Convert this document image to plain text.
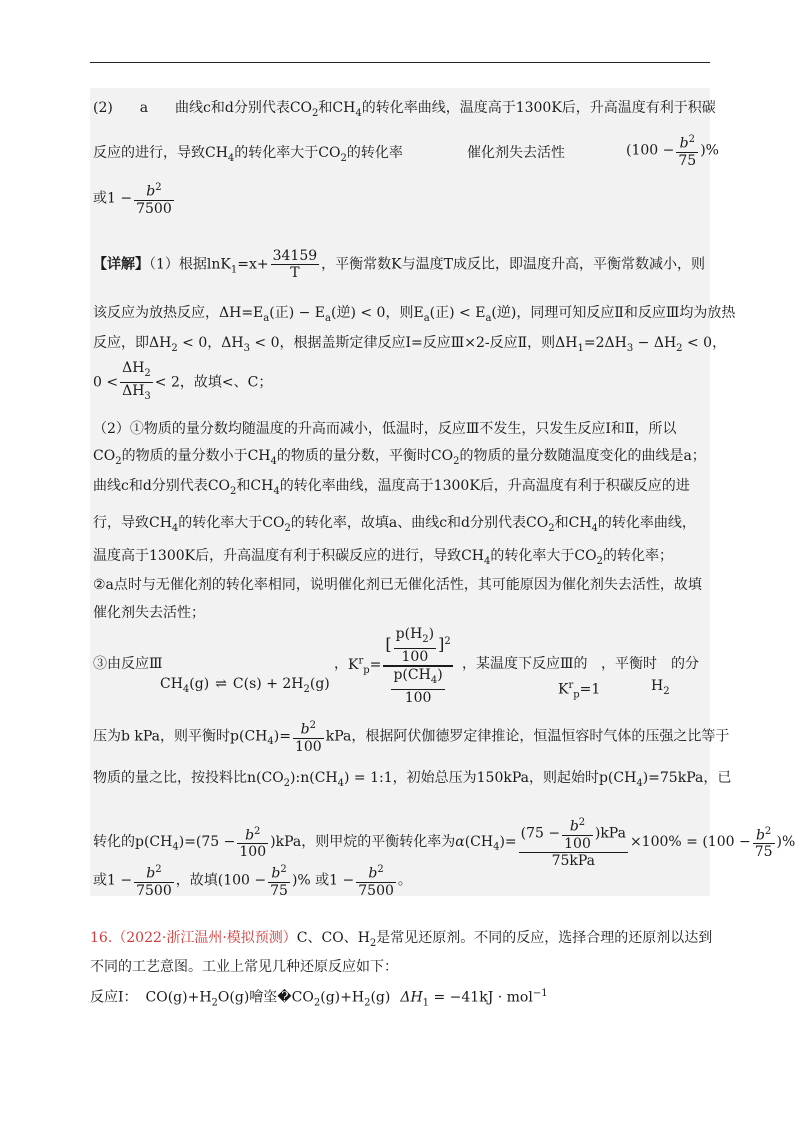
(2) a 曲线c和d分别代表$CO_2$和$CH_4$的转化率曲线，温度高于1300K后，升高温度有利于积碳
反应的进行，导致$CH_4$的转化率大于$CO_2$的转化率	催化剂失去活性	($100 - \frac{b^2}{75}$ )%
或$1 - \frac{b^2}{7500}$
【详解】（1）根据$\ln K_1=x+ \frac{34159}{T}$ ，平衡常数K与温度T成反比，即温度升高，平衡常数减小，则
该反应为放热反应，$\Delta H=E_a$(正) − $E_a$(逆) < 0，则$E_a$(正) < $E_a$(逆)，同理可知反应Ⅱ和反应Ⅲ均为放热
反应，即$\Delta H_2 < 0$，$\Delta H_3 < 0$，根据盖斯定律反应Ⅰ=反应Ⅲ×2-反应Ⅱ，则$\Delta H_1=2\Delta H_3 - \Delta H_2 < 0$，
$0 < \frac{\Delta H_2}{\Delta H_3} < 2$，故填<、C；
（2）①物质的量分数均随温度的升高而减小，低温时，反应Ⅲ不发生，只发生反应Ⅰ和Ⅱ，所以
$CO_2$的物质的量分数小于$CH_4$的物质的量分数，平衡时$CO_2$的物质的量分数随温度变化的曲线是a；
曲线c和d分别代表$CO_2$和$CH_4$的转化率曲线，温度高于1300K后，升高温度有利于积碳反应的进
行，导致$CH_4$的转化率大于$CO_2$的转化率，故填a、曲线c和d分别代表$CO_2$和$CH_4$的转化率曲线，
温度高于1300K后，升高温度有利于积碳反应的进行，导致$CH_4$的转化率大于$CO_2$的转化率；
②a点时与无催化剂的转化率相同，说明催化剂已无催化活性，其可能原因为催化剂失去活性，故填
催化剂失去活性；
③由反应Ⅲ
$CH_4(g)$ ⇌ $C(s) + 2H_2(g)$
， $K^r_p= \frac{[ \frac{p(H_2)}{100} ]^2}{\frac{p(CH_4)}{100}}$ ，某温度下反应Ⅲ的
$K^r_p=1$
，平衡时 的分
$H_2$
压为b kPa，则平衡时$p(CH_4)= \frac{b^2}{100}$ kPa，根据阿伏伽德罗定律推论，恒温恒容时气体的压强之比等于
物质的量之比，按投料比$n(CO_2):n(CH_4)$ = 1:1，初始总压为150kPa，则起始时$p(CH_4)=75kPa$，已
转化的$p(CH_4)=(75 - \frac{b^2}{100} )kPa$，则甲烷的平衡转化率为$\alpha(CH_4)= \frac{(75 - \frac{b^2}{100} )kPa}{\text{75kPa}} \times 100\% = (100 - \frac{b^2}{75}$ )%
或$1 - \frac{b^2}{7500}$ ，故填($100 - \frac{b^2}{75}$ )% 或$1 - \frac{b^2}{7500}$ 。
16.（2022·浙江温州·模拟预测）C、CO、$H_2$是常见还原剂。不同的反应，选择合理的还原剂以达到
不同的工艺意图。工业上常见几种还原反应如下：
反应Ⅰ： $CO(g)+H_2O(g)$噲垐$�CO_2(g)+H_2(g) \Delta H_1 = -41kJ \cdot mol^{-1}$
